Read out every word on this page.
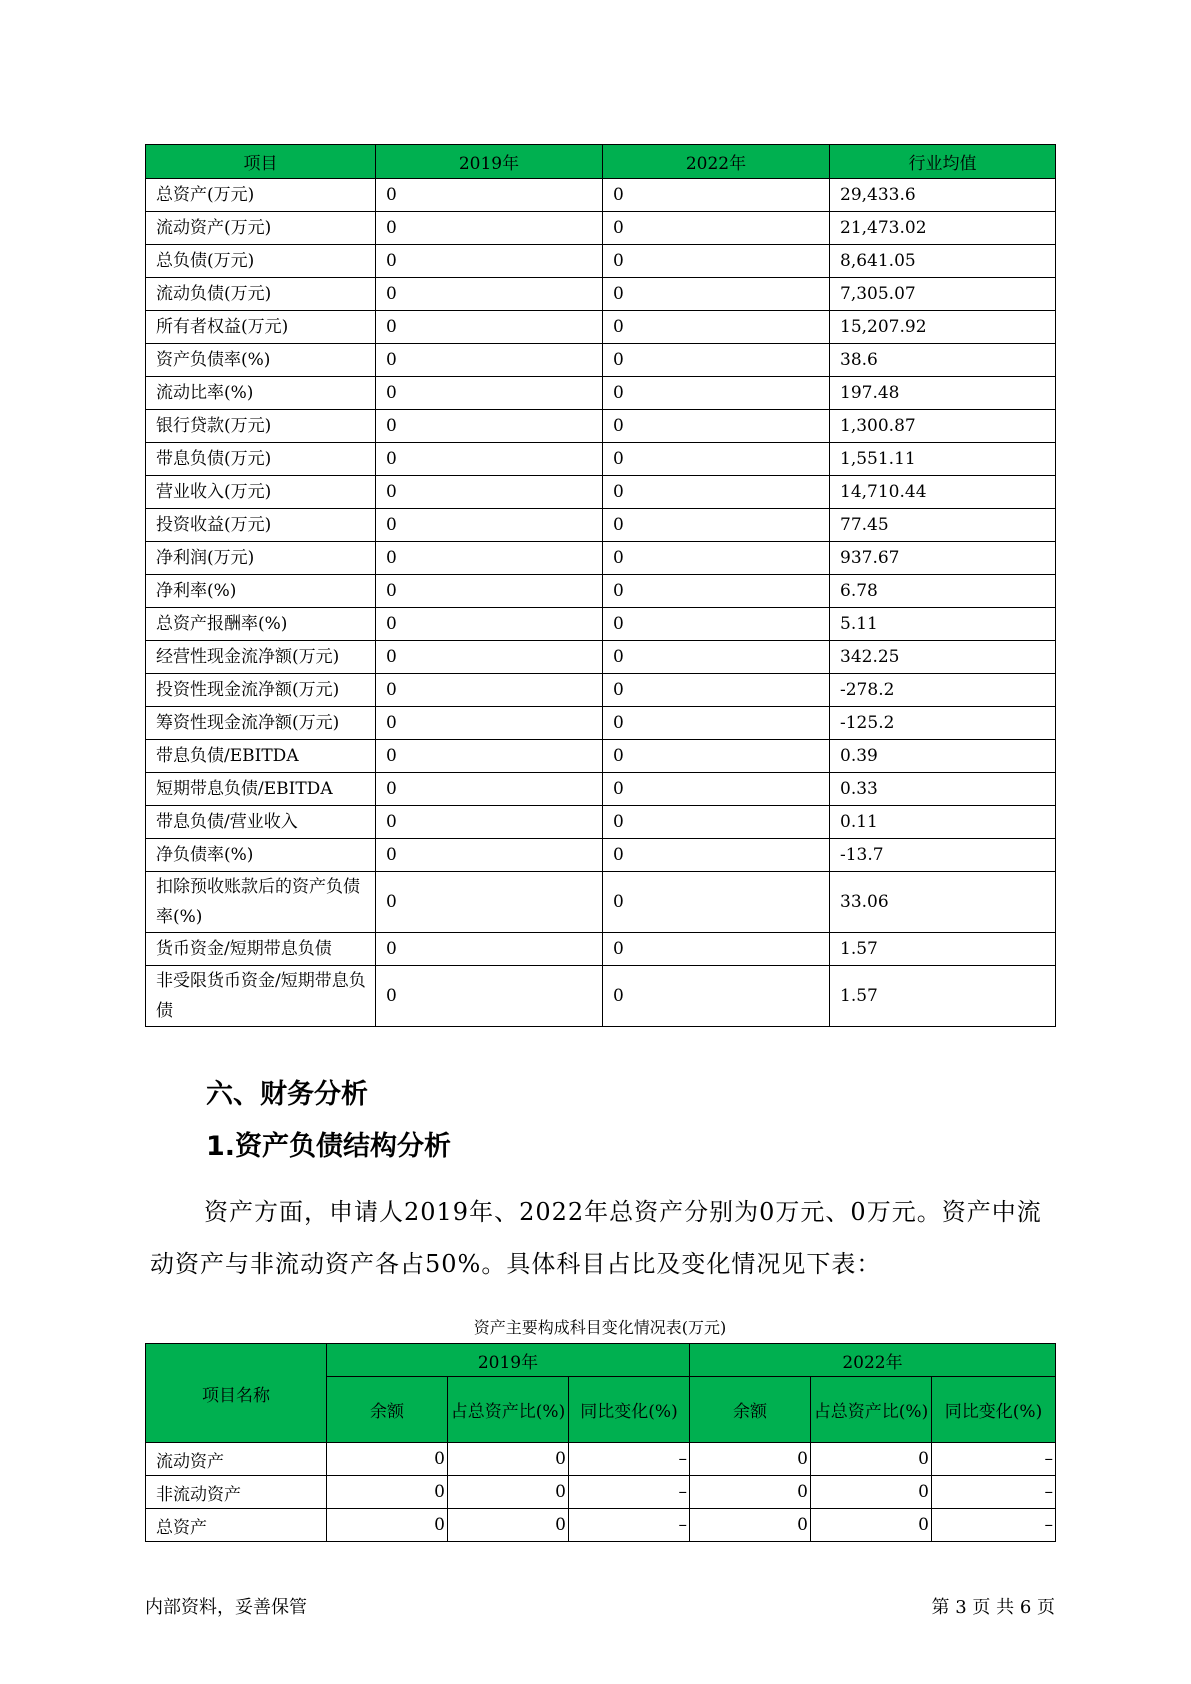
项目	2019年	2022年	行业均值
总资产(万元)	0	0	29,433.6
流动资产(万元)	0	0	21,473.02
总负债(万元)	0	0	8,641.05
流动负债(万元)	0	0	7,305.07
所有者权益(万元)	0	0	15,207.92
资产负债率(%)	0	0	38.6
流动比率(%)	0	0	197.48
银行贷款(万元)	0	0	1,300.87
带息负债(万元)	0	0	1,551.11
营业收入(万元)	0	0	14,710.44
投资收益(万元)	0	0	77.45
净利润(万元)	0	0	937.67
净利率(%)	0	0	6.78
总资产报酬率(%)	0	0	5.11
经营性现金流净额(万元)	0	0	342.25
投资性现金流净额(万元)	0	0	-278.2
筹资性现金流净额(万元)	0	0	-125.2
带息负债/EBITDA	0	0	0.39
短期带息负债/EBITDA	0	0	0.33
带息负债/营业收入	0	0	0.11
净负债率(%)	0	0	-13.7
扣除预收账款后的资产负债率(%)	0	0	33.06
货币资金/短期带息负债	0	0	1.57
非受限货币资金/短期带息负债	0	0	1.57
六、财务分析
1.资产负债结构分析

资产方面，申请人2019年、2022年总资产分别为0万元、0万元。资产中流动资产与非流动资产各占50%。具体科目占比及变化情况见下表：

资产主要构成科目变化情况表(万元)
项目名称	2019年			2022年		
	余额	占总资产比(%)	同比变化(%)	余额	占总资产比(%)	同比变化(%)
流动资产	0	0	–	0	0	–
非流动资产	0	0	–	0	0	–
总资产	0	0	–	0	0	–
内部资料，妥善保管	第 3 页 共 6 页
